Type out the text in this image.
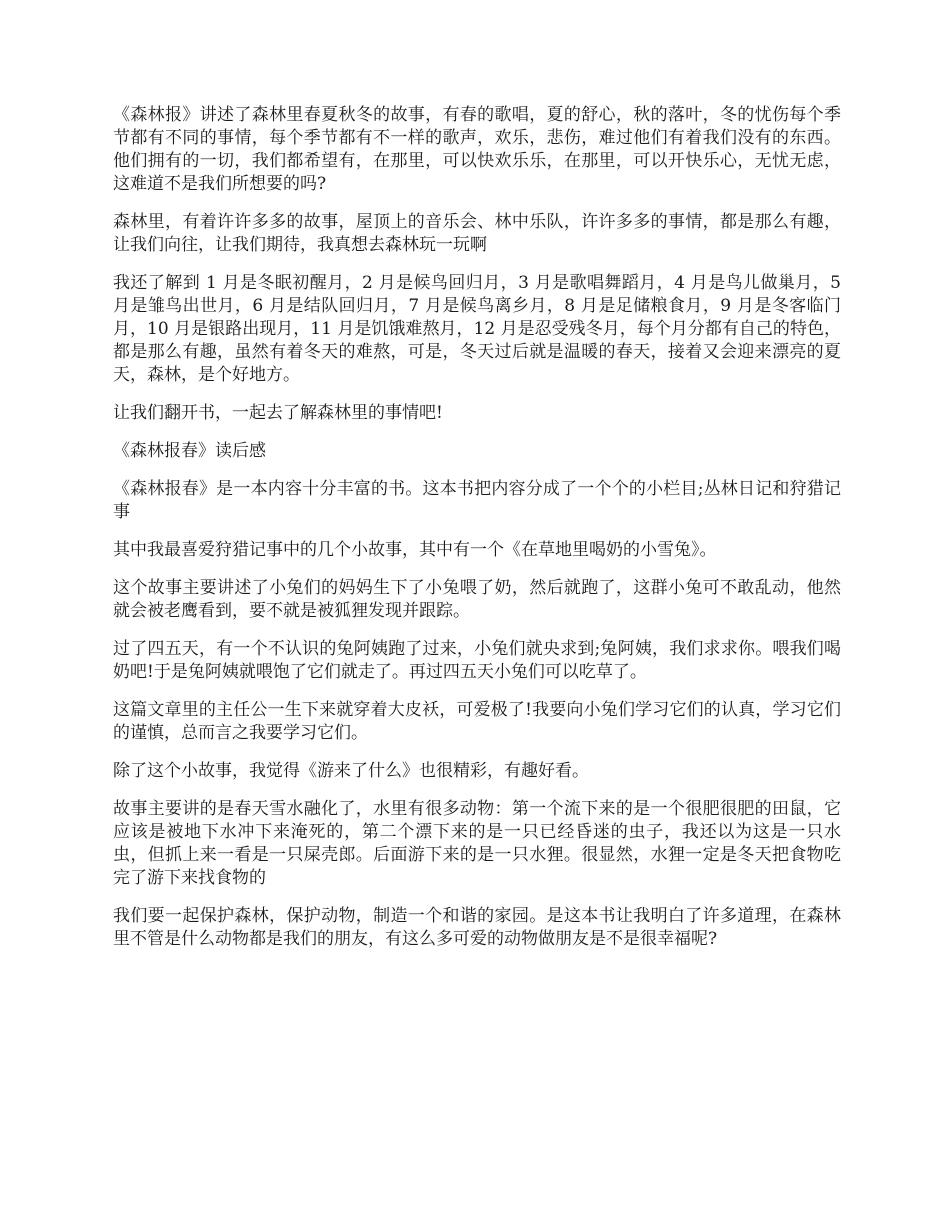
《森林报》讲述了森林里春夏秋冬的故事，有春的歌唱，夏的舒心，秋的落叶，冬的忧伤每个季节都有不同的事情，每个季节都有不一样的歌声，欢乐，悲伤，难过他们有着我们没有的东西。他们拥有的一切，我们都希望有，在那里，可以快欢乐乐，在那里，可以开快乐心，无忧无虑，这难道不是我们所想要的吗?

森林里，有着许许多多的故事，屋顶上的音乐会、林中乐队，许许多多的事情，都是那么有趣，让我们向往，让我们期待，我真想去森林玩一玩啊

我还了解到 1 月是冬眠初醒月，2 月是候鸟回归月，3 月是歌唱舞蹈月，4 月是鸟儿做巢月，5 月是雏鸟出世月，6 月是结队回归月，7 月是候鸟离乡月，8 月是足储粮食月，9 月是冬客临门月，10 月是银路出现月，11 月是饥饿难熬月，12 月是忍受残冬月，每个月分都有自己的特色，都是那么有趣，虽然有着冬天的难熬，可是，冬天过后就是温暖的春天，接着又会迎来漂亮的夏天，森林，是个好地方。

让我们翻开书，一起去了解森林里的事情吧!

《森林报春》读后感

《森林报春》是一本内容十分丰富的书。这本书把内容分成了一个个的小栏目;丛林日记和狩猎记事

其中我最喜爱狩猎记事中的几个小故事，其中有一个《在草地里喝奶的小雪兔》。

这个故事主要讲述了小兔们的妈妈生下了小兔喂了奶，然后就跑了，这群小兔可不敢乱动，他然就会被老鹰看到，要不就是被狐狸发现并跟踪。

过了四五天，有一个不认识的兔阿姨跑了过来，小兔们就央求到;兔阿姨，我们求求你。喂我们喝奶吧!于是兔阿姨就喂饱了它们就走了。再过四五天小兔们可以吃草了。

这篇文章里的主任公一生下来就穿着大皮袄，可爱极了!我要向小兔们学习它们的认真，学习它们的谨慎，总而言之我要学习它们。

除了这个小故事，我觉得《游来了什么》也很精彩，有趣好看。

故事主要讲的是春天雪水融化了，水里有很多动物：第一个流下来的是一个很肥很肥的田鼠，它应该是被地下水冲下来淹死的，第二个漂下来的是一只已经昏迷的虫子，我还以为这是一只水虫，但抓上来一看是一只屎壳郎。后面游下来的是一只水狸。很显然，水狸一定是冬天把食物吃完了游下来找食物的

我们要一起保护森林，保护动物，制造一个和谐的家园。是这本书让我明白了许多道理，在森林里不管是什么动物都是我们的朋友，有这么多可爱的动物做朋友是不是很幸福呢?
